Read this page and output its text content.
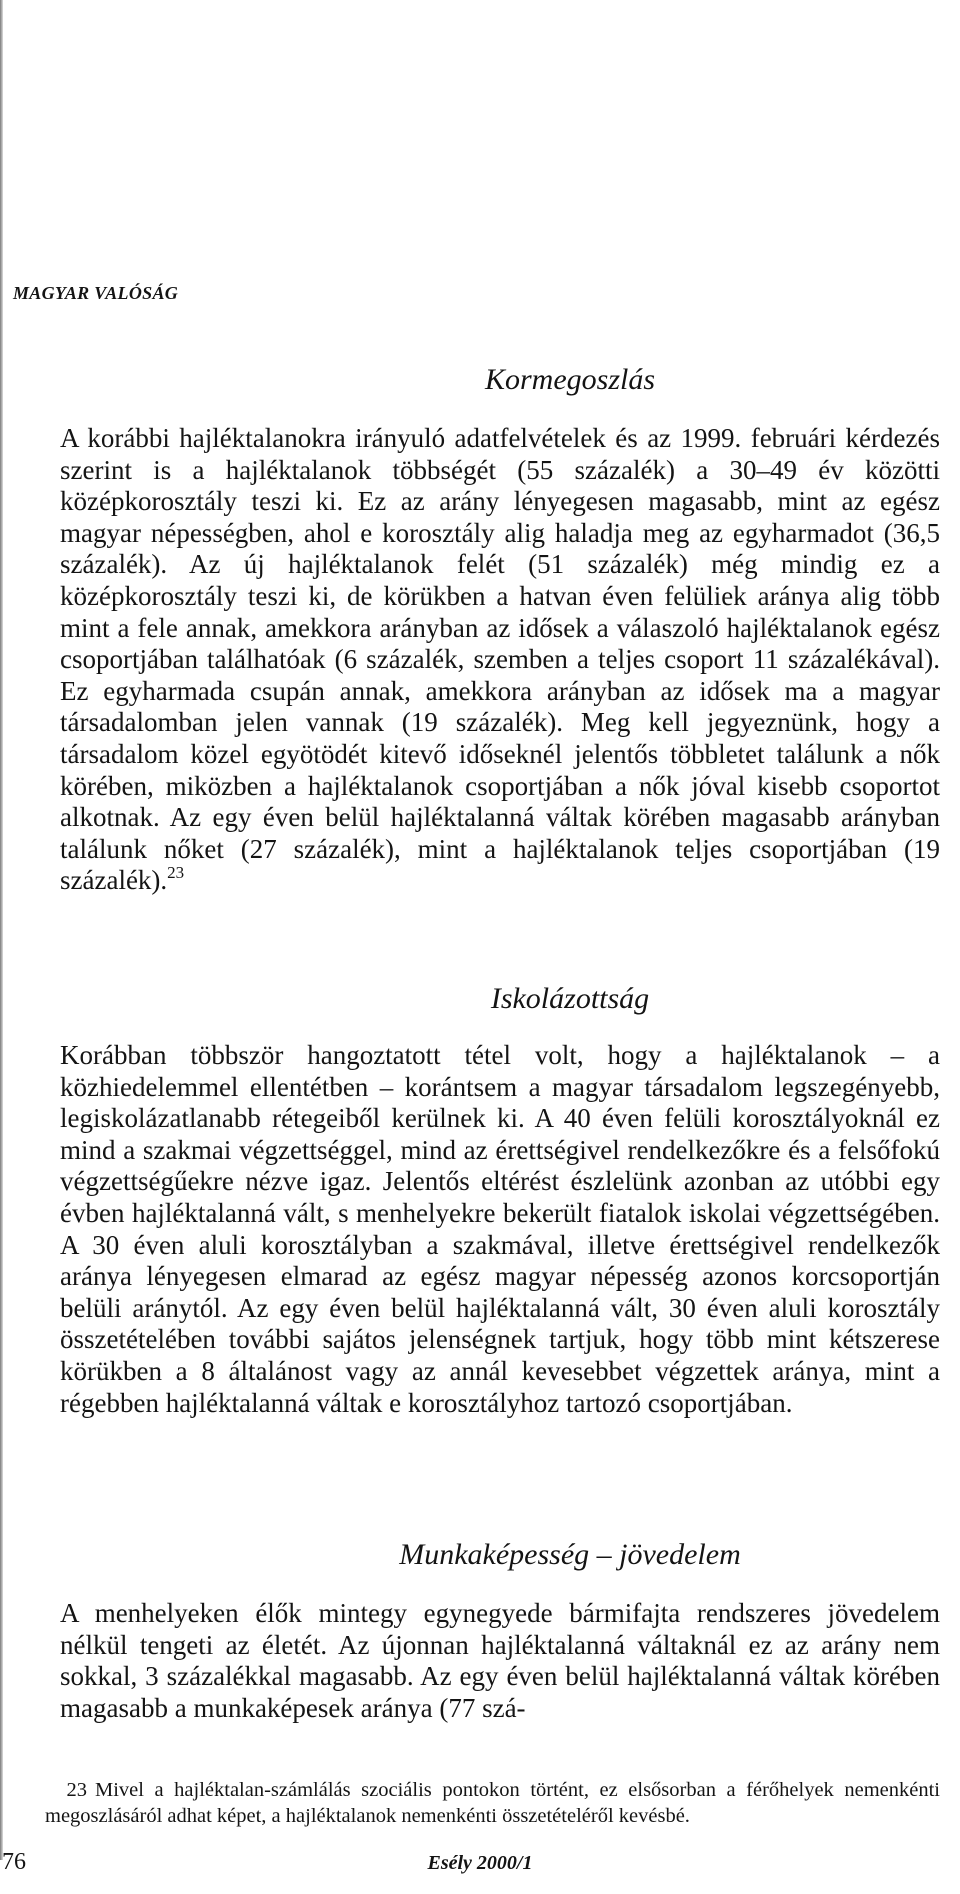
MAGYAR VALÓSÁG
Kormegoszlás

A korábbi hajléktalanokra irányuló adatfelvételek és az 1999. februári kérdezés szerint is a hajléktalanok többségét (55 százalék) a 30–49 év közötti középkorosztály teszi ki. Ez az arány lényegesen magasabb, mint az egész magyar népességben, ahol e korosztály alig haladja meg az egyharmadot (36,5 százalék). Az új hajléktalanok felét (51 százalék) még mindig ez a középkorosztály teszi ki, de körükben a hatvan éven felüliek aránya alig több mint a fele annak, amekkora arányban az idősek a válaszoló hajléktalanok egész csoportjában találhatóak (6 százalék, szemben a teljes csoport 11 százalékával). Ez egyharmada csupán annak, amekkora arányban az idősek ma a magyar társadalomban jelen vannak (19 százalék). Meg kell jegyeznünk, hogy a társadalom közel egyötödét kitevő időseknél jelentős többletet találunk a nők körében, miközben a hajléktalanok csoportjában a nők jóval kisebb csoportot alkotnak. Az egy éven belül hajléktalanná váltak körében magasabb arányban találunk nőket (27 százalék), mint a hajléktalanok teljes csoportjában (19 százalék).$^{23}$

Iskolázottság

Korábban többször hangoztatott tétel volt, hogy a hajléktalanok – a közhiedelemmel ellentétben – korántsem a magyar társadalom legszegényebb, legiskolázatlanabb rétegeiből kerülnek ki. A 40 éven felüli korosztályoknál ez mind a szakmai végzettséggel, mind az érettségivel rendelkezőkre és a felsőfokú végzettségűekre nézve igaz. Jelentős eltérést észlelünk azonban az utóbbi egy évben hajléktalanná vált, s menhelyekre bekerült fiatalok iskolai végzettségében. A 30 éven aluli korosztályban a szakmával, illetve érettségivel rendelkezők aránya lényegesen elmarad az egész magyar népesség azonos korcsoportján belüli aránytól. Az egy éven belül hajléktalanná vált, 30 éven aluli korosztály összetételében további sajátos jelenségnek tartjuk, hogy több mint kétszerese körükben a 8 általánost vagy az annál kevesebbet végzettek aránya, mint a régebben hajléktalanná váltak e korosztályhoz tartozó csoportjában.

Munkaképesség – jövedelem

A menhelyeken élők mintegy egynegyede bármifajta rendszeres jövedelem nélkül tengeti az életét. Az újonnan hajléktalanná váltaknál ez az arány nem sokkal, 3 százalékkal magasabb. Az egy éven belül hajléktalanná váltak körében magasabb a munkaképesek aránya (77 szá-

23 Mivel a hajléktalan-számlálás szociális pontokon történt, ez elsősorban a férőhelyek nemenkénti megoszlásáról adhat képet, a hajléktalanok nemenkénti összetételéről kevésbé.
76	Esély 2000/1
